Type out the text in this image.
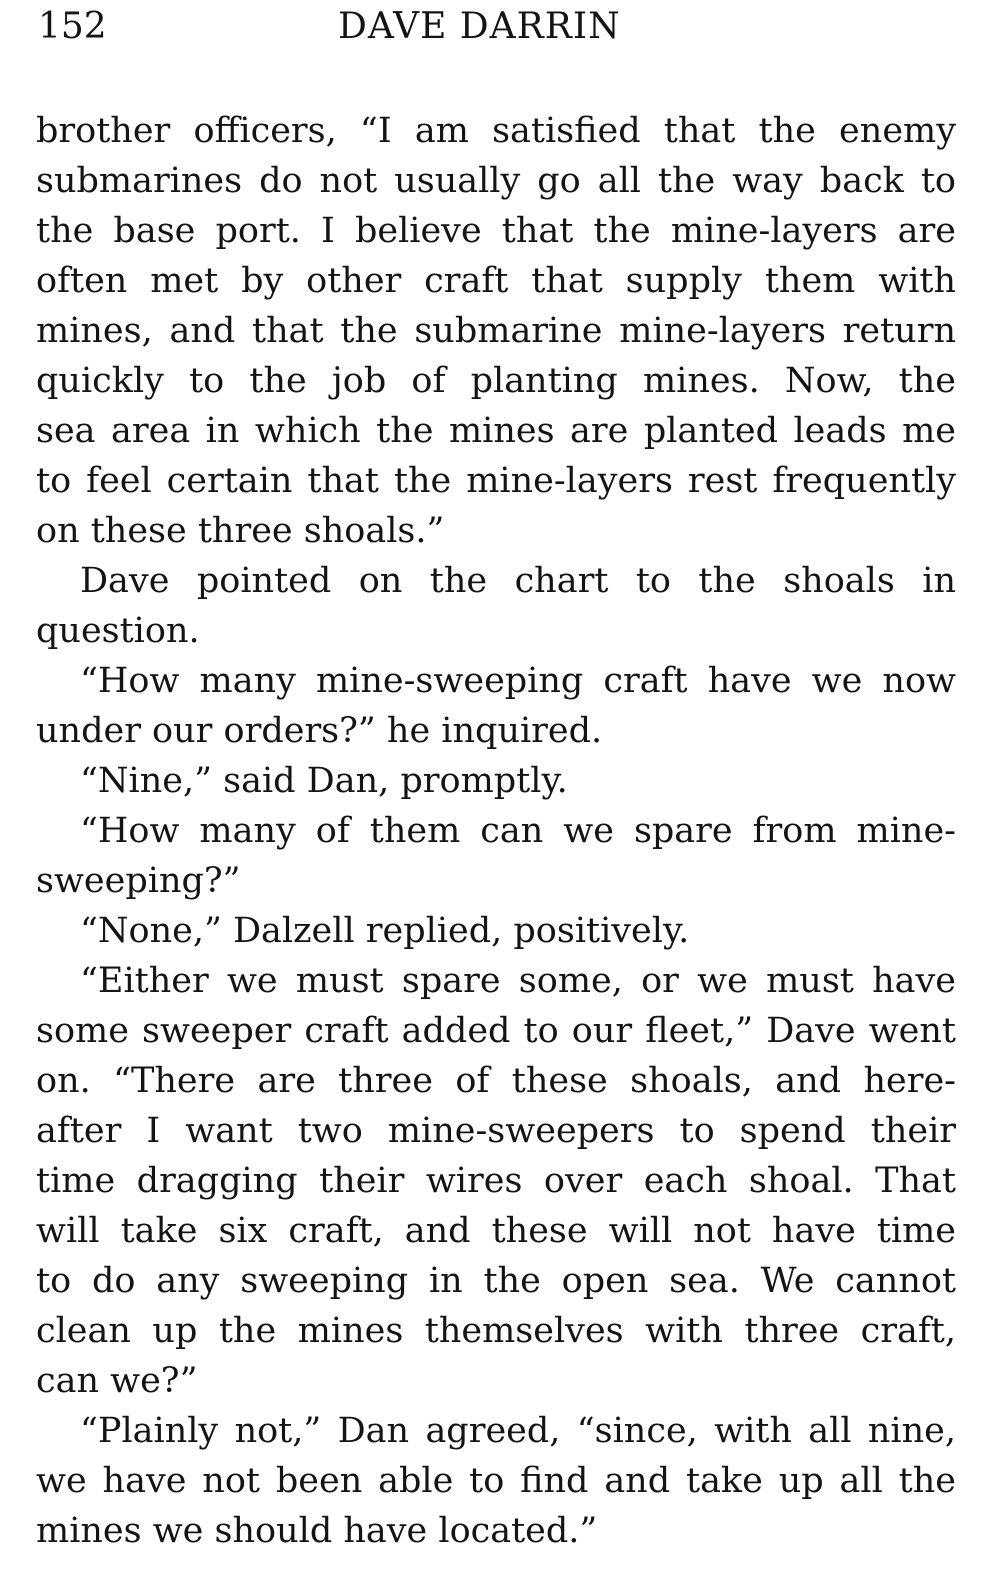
152	DAVE DARRIN

brother officers, “I am satisfied that the enemy
submarines do not usually go all the way back to
the base port. I believe that the mine-layers are
often met by other craft that supply them with
mines, and that the submarine mine-layers return
quickly to the job of planting mines. Now, the
sea area in which the mines are planted leads me
to feel certain that the mine-layers rest frequently
on these three shoals.”

Dave pointed on the chart to the shoals in
question.

“How many mine-sweeping craft have we now
under our orders?” he inquired.

“Nine,” said Dan, promptly.

“How many of them can we spare from mine-
sweeping?”

“None,” Dalzell replied, positively.

“Either we must spare some, or we must have
some sweeper craft added to our fleet,” Dave went
on. “There are three of these shoals, and here-
after I want two mine-sweepers to spend their
time dragging their wires over each shoal. That
will take six craft, and these will not have time
to do any sweeping in the open sea. We cannot
clean up the mines themselves with three craft,
can we?”

“Plainly not,” Dan agreed, “since, with all nine,
we have not been able to find and take up all the
mines we should have located.”
